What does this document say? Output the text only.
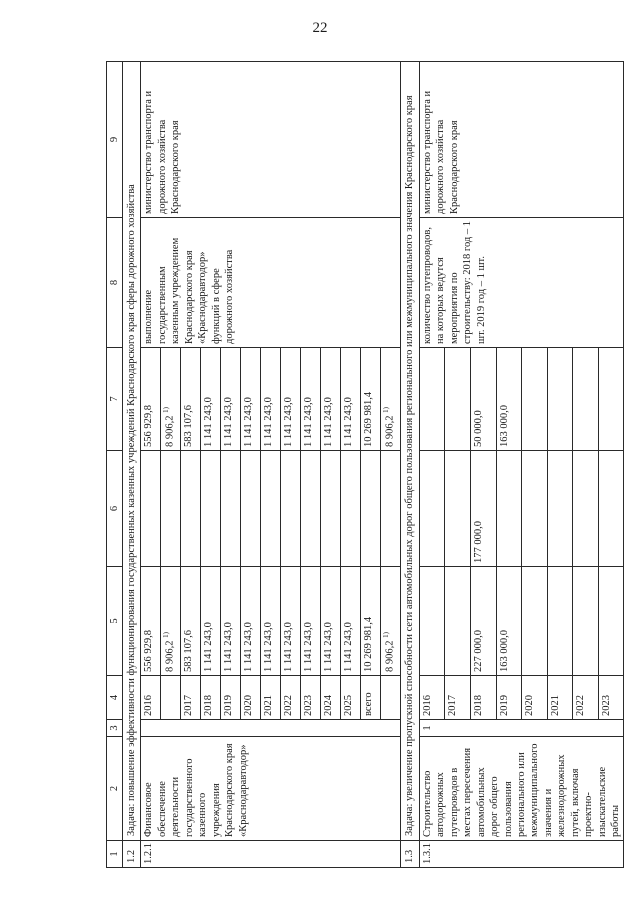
22
1	2	3	4	5	6	7	8	9
1.2	Задача: повышение эффективности функционирования государственных казенных учреждений Краснодарского края сферы дорожного хозяйства							
1.2.1	Финансовое обеспечение деятельности государственного казенного учреждения Краснодарского края «Краснодаравтодор»		2016	556 929,8		556 929,8	выполнение государственным казенным учреждением Краснодарского края «Краснодаравтодор» функций в сфере дорожного хозяйства	министерство транспорта и дорожного хозяйства Краснодарского края
				8 906,2 $^{1)}$		8 906,2 $^{1)}$
			2017	583 107,6		583 107,6		
			2018	1 141 243,0		1 141 243,0		
			2019	1 141 243,0		1 141 243,0		
			2020	1 141 243,0		1 141 243,0		
			2021	1 141 243,0		1 141 243,0		
			2022	1 141 243,0		1 141 243,0		
			2023	1 141 243,0		1 141 243,0		
			2024	1 141 243,0		1 141 243,0		
			2025	1 141 243,0		1 141 243,0		
			всего	10 269 981,4		10 269 981,4		
				8 906,2 $^{1)}$		8 906,2 $^{1)}$
1.3	Задача: увеличение пропускной способности сети автомобильных дорог общего пользования регионального или межмуниципального значения Краснодарского края							
1.3.1	Строительство автодорожных путепроводов в местах пересечения автомобильных дорог общего пользования регионального или межмуниципального значения и железнодорожных путей, включая проектно-изыскательские работы	1	2016				количество путепроводов, на которых ведутся мероприятия по строительству: 2018 год – 1 шт. 2019 год – 1 шт.	министерство транспорта и дорожного хозяйства Краснодарского края
			2017					
			2018	227 000,0	177 000,0	50 000,0		
			2019	163 000,0		163 000,0		
			2020					
			2021					
			2022					
			2023					
